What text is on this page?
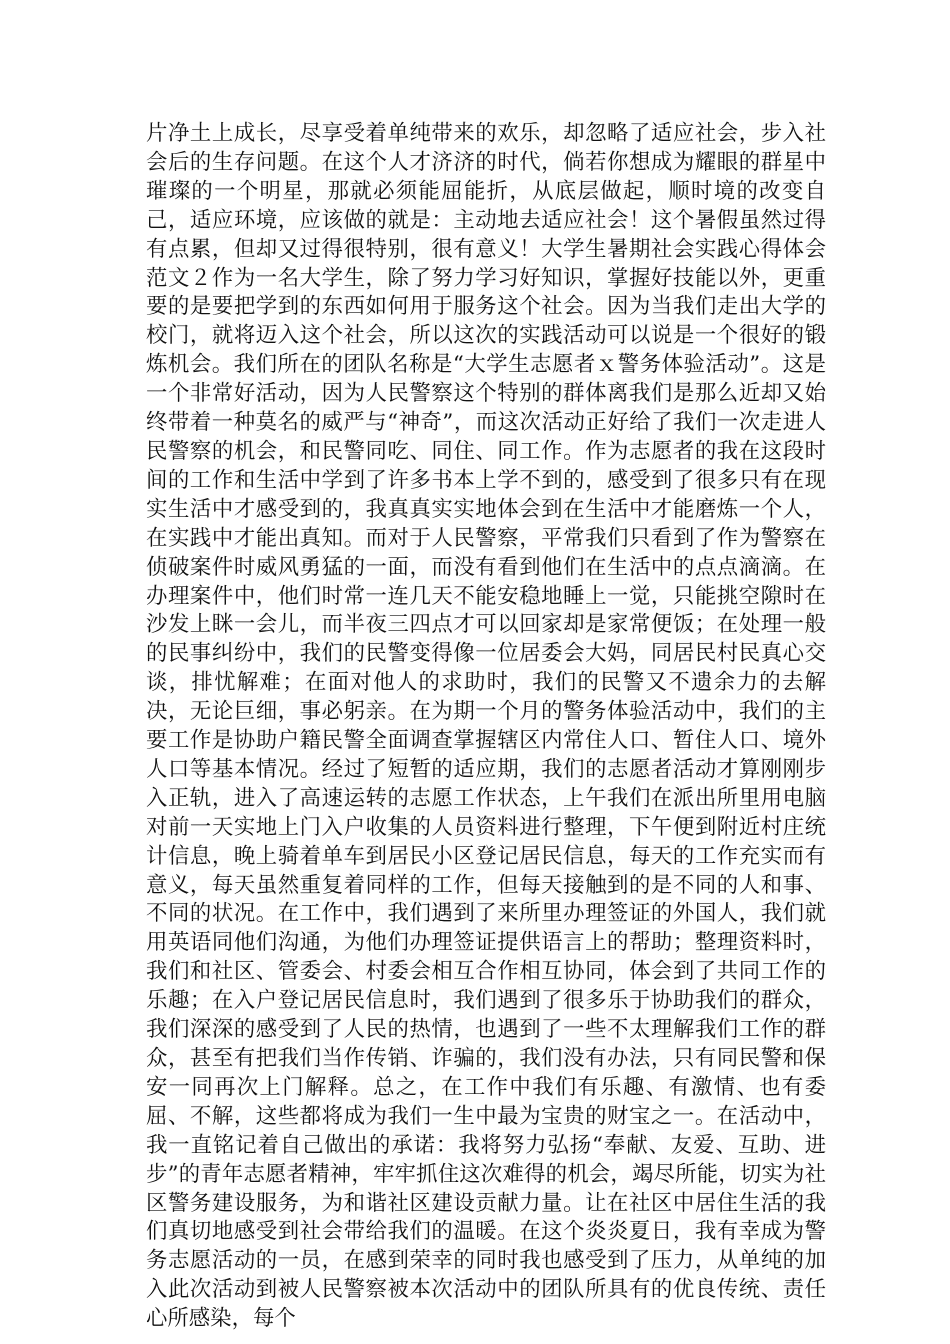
片净土上成长，尽享受着单纯带来的欢乐，却忽略了适应社会，步入社会后的生存问题。在这个人才济济的时代，倘若你想成为耀眼的群星中璀璨的一个明星，那就必须能屈能折，从底层做起，顺时境的改变自己，适应环境，应该做的就是：主动地去适应社会！这个暑假虽然过得有点累，但却又过得很特别，很有意义！大学生暑期社会实践心得体会范文２作为一名大学生，除了努力学习好知识，掌握好技能以外，更重要的是要把学到的东西如何用于服务这个社会。因为当我们走出大学的校门，就将迈入这个社会，所以这次的实践活动可以说是一个很好的锻炼机会。我们所在的团队名称是“大学生志愿者ｘ警务体验活动”。这是一个非常好活动，因为人民警察这个特别的群体离我们是那么近却又始终带着一种莫名的威严与“神奇”，而这次活动正好给了我们一次走进人民警察的机会，和民警同吃、同住、同工作。作为志愿者的我在这段时间的工作和生活中学到了许多书本上学不到的，感受到了很多只有在现实生活中才感受到的，我真真实实地体会到在生活中才能磨炼一个人，在实践中才能出真知。而对于人民警察，平常我们只看到了作为警察在侦破案件时威风勇猛的一面，而没有看到他们在生活中的点点滴滴。在办理案件中，他们时常一连几天不能安稳地睡上一觉，只能挑空隙时在沙发上眯一会儿，而半夜三四点才可以回家却是家常便饭；在处理一般的民事纠纷中，我们的民警变得像一位居委会大妈，同居民村民真心交谈，排忧解难；在面对他人的求助时，我们的民警又不遗余力的去解决，无论巨细，事必躬亲。在为期一个月的警务体验活动中，我们的主要工作是协助户籍民警全面调查掌握辖区内常住人口、暂住人口、境外人口等基本情况。经过了短暂的适应期，我们的志愿者活动才算刚刚步入正轨，进入了高速运转的志愿工作状态，上午我们在派出所里用电脑对前一天实地上门入户收集的人员资料进行整理，下午便到附近村庄统计信息，晚上骑着单车到居民小区登记居民信息，每天的工作充实而有意义，每天虽然重复着同样的工作，但每天接触到的是不同的人和事、不同的状况。在工作中，我们遇到了来所里办理签证的外国人，我们就用英语同他们沟通，为他们办理签证提供语言上的帮助；整理资料时，我们和社区、管委会、村委会相互合作相互协同，体会到了共同工作的乐趣；在入户登记居民信息时，我们遇到了很多乐于协助我们的群众，我们深深的感受到了人民的热情，也遇到了一些不太理解我们工作的群众，甚至有把我们当作传销、诈骗的，我们没有办法，只有同民警和保安一同再次上门解释。总之，在工作中我们有乐趣、有激情、也有委屈、不解，这些都将成为我们一生中最为宝贵的财宝之一。在活动中，我一直铭记着自己做出的承诺：我将努力弘扬“奉献、友爱、互助、进步”的青年志愿者精神，牢牢抓住这次难得的机会，竭尽所能，切实为社区警务建设服务，为和谐社区建设贡献力量。让在社区中居住生活的我们真切地感受到社会带给我们的温暖。在这个炎炎夏日，我有幸成为警务志愿活动的一员，在感到荣幸的同时我也感受到了压力，从单纯的加入此次活动到被人民警察被本次活动中的团队所具有的优良传统、责任心所感染，每个
